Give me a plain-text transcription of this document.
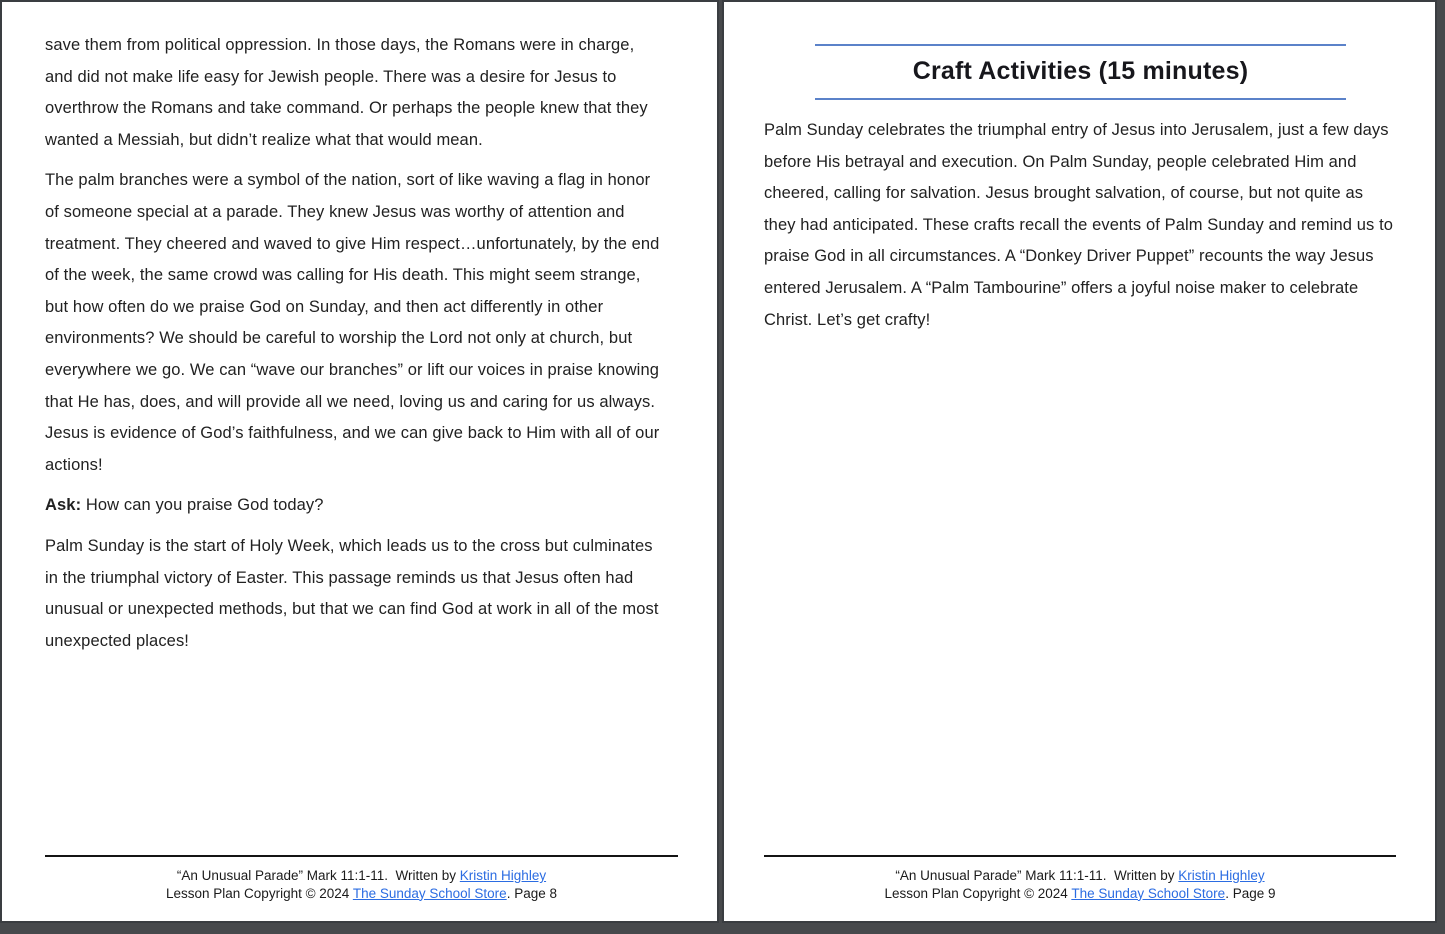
save them from political oppression. In those days, the Romans were in charge, and did not make life easy for Jewish people. There was a desire for Jesus to overthrow the Romans and take command. Or perhaps the people knew that they wanted a Messiah, but didn’t realize what that would mean.

The palm branches were a symbol of the nation, sort of like waving a flag in honor of someone special at a parade. They knew Jesus was worthy of attention and treatment. They cheered and waved to give Him respect…unfortunately, by the end of the week, the same crowd was calling for His death. This might seem strange, but how often do we praise God on Sunday, and then act differently in other environments? We should be careful to worship the Lord not only at church, but everywhere we go. We can “wave our branches” or lift our voices in praise knowing that He has, does, and will provide all we need, loving us and caring for us always. Jesus is evidence of God’s faithfulness, and we can give back to Him with all of our actions!

Ask: How can you praise God today?

Palm Sunday is the start of Holy Week, which leads us to the cross but culminates in the triumphal victory of Easter. This passage reminds us that Jesus often had unusual or unexpected methods, but that we can find God at work in all of the most unexpected places!

“An Unusual Parade” Mark 11:1-11.  Written by Kristin Highley
Lesson Plan Copyright © 2024 The Sunday School Store. Page 8
Craft Activities (15 minutes)

Palm Sunday celebrates the triumphal entry of Jesus into Jerusalem, just a few days before His betrayal and execution. On Palm Sunday, people celebrated Him and cheered, calling for salvation. Jesus brought salvation, of course, but not quite as they had anticipated. These crafts recall the events of Palm Sunday and remind us to praise God in all circumstances. A “Donkey Driver Puppet” recounts the way Jesus entered Jerusalem. A “Palm Tambourine” offers a joyful noise maker to celebrate Christ. Let’s get crafty!

“An Unusual Parade” Mark 11:1-11.  Written by Kristin Highley
Lesson Plan Copyright © 2024 The Sunday School Store. Page 9
